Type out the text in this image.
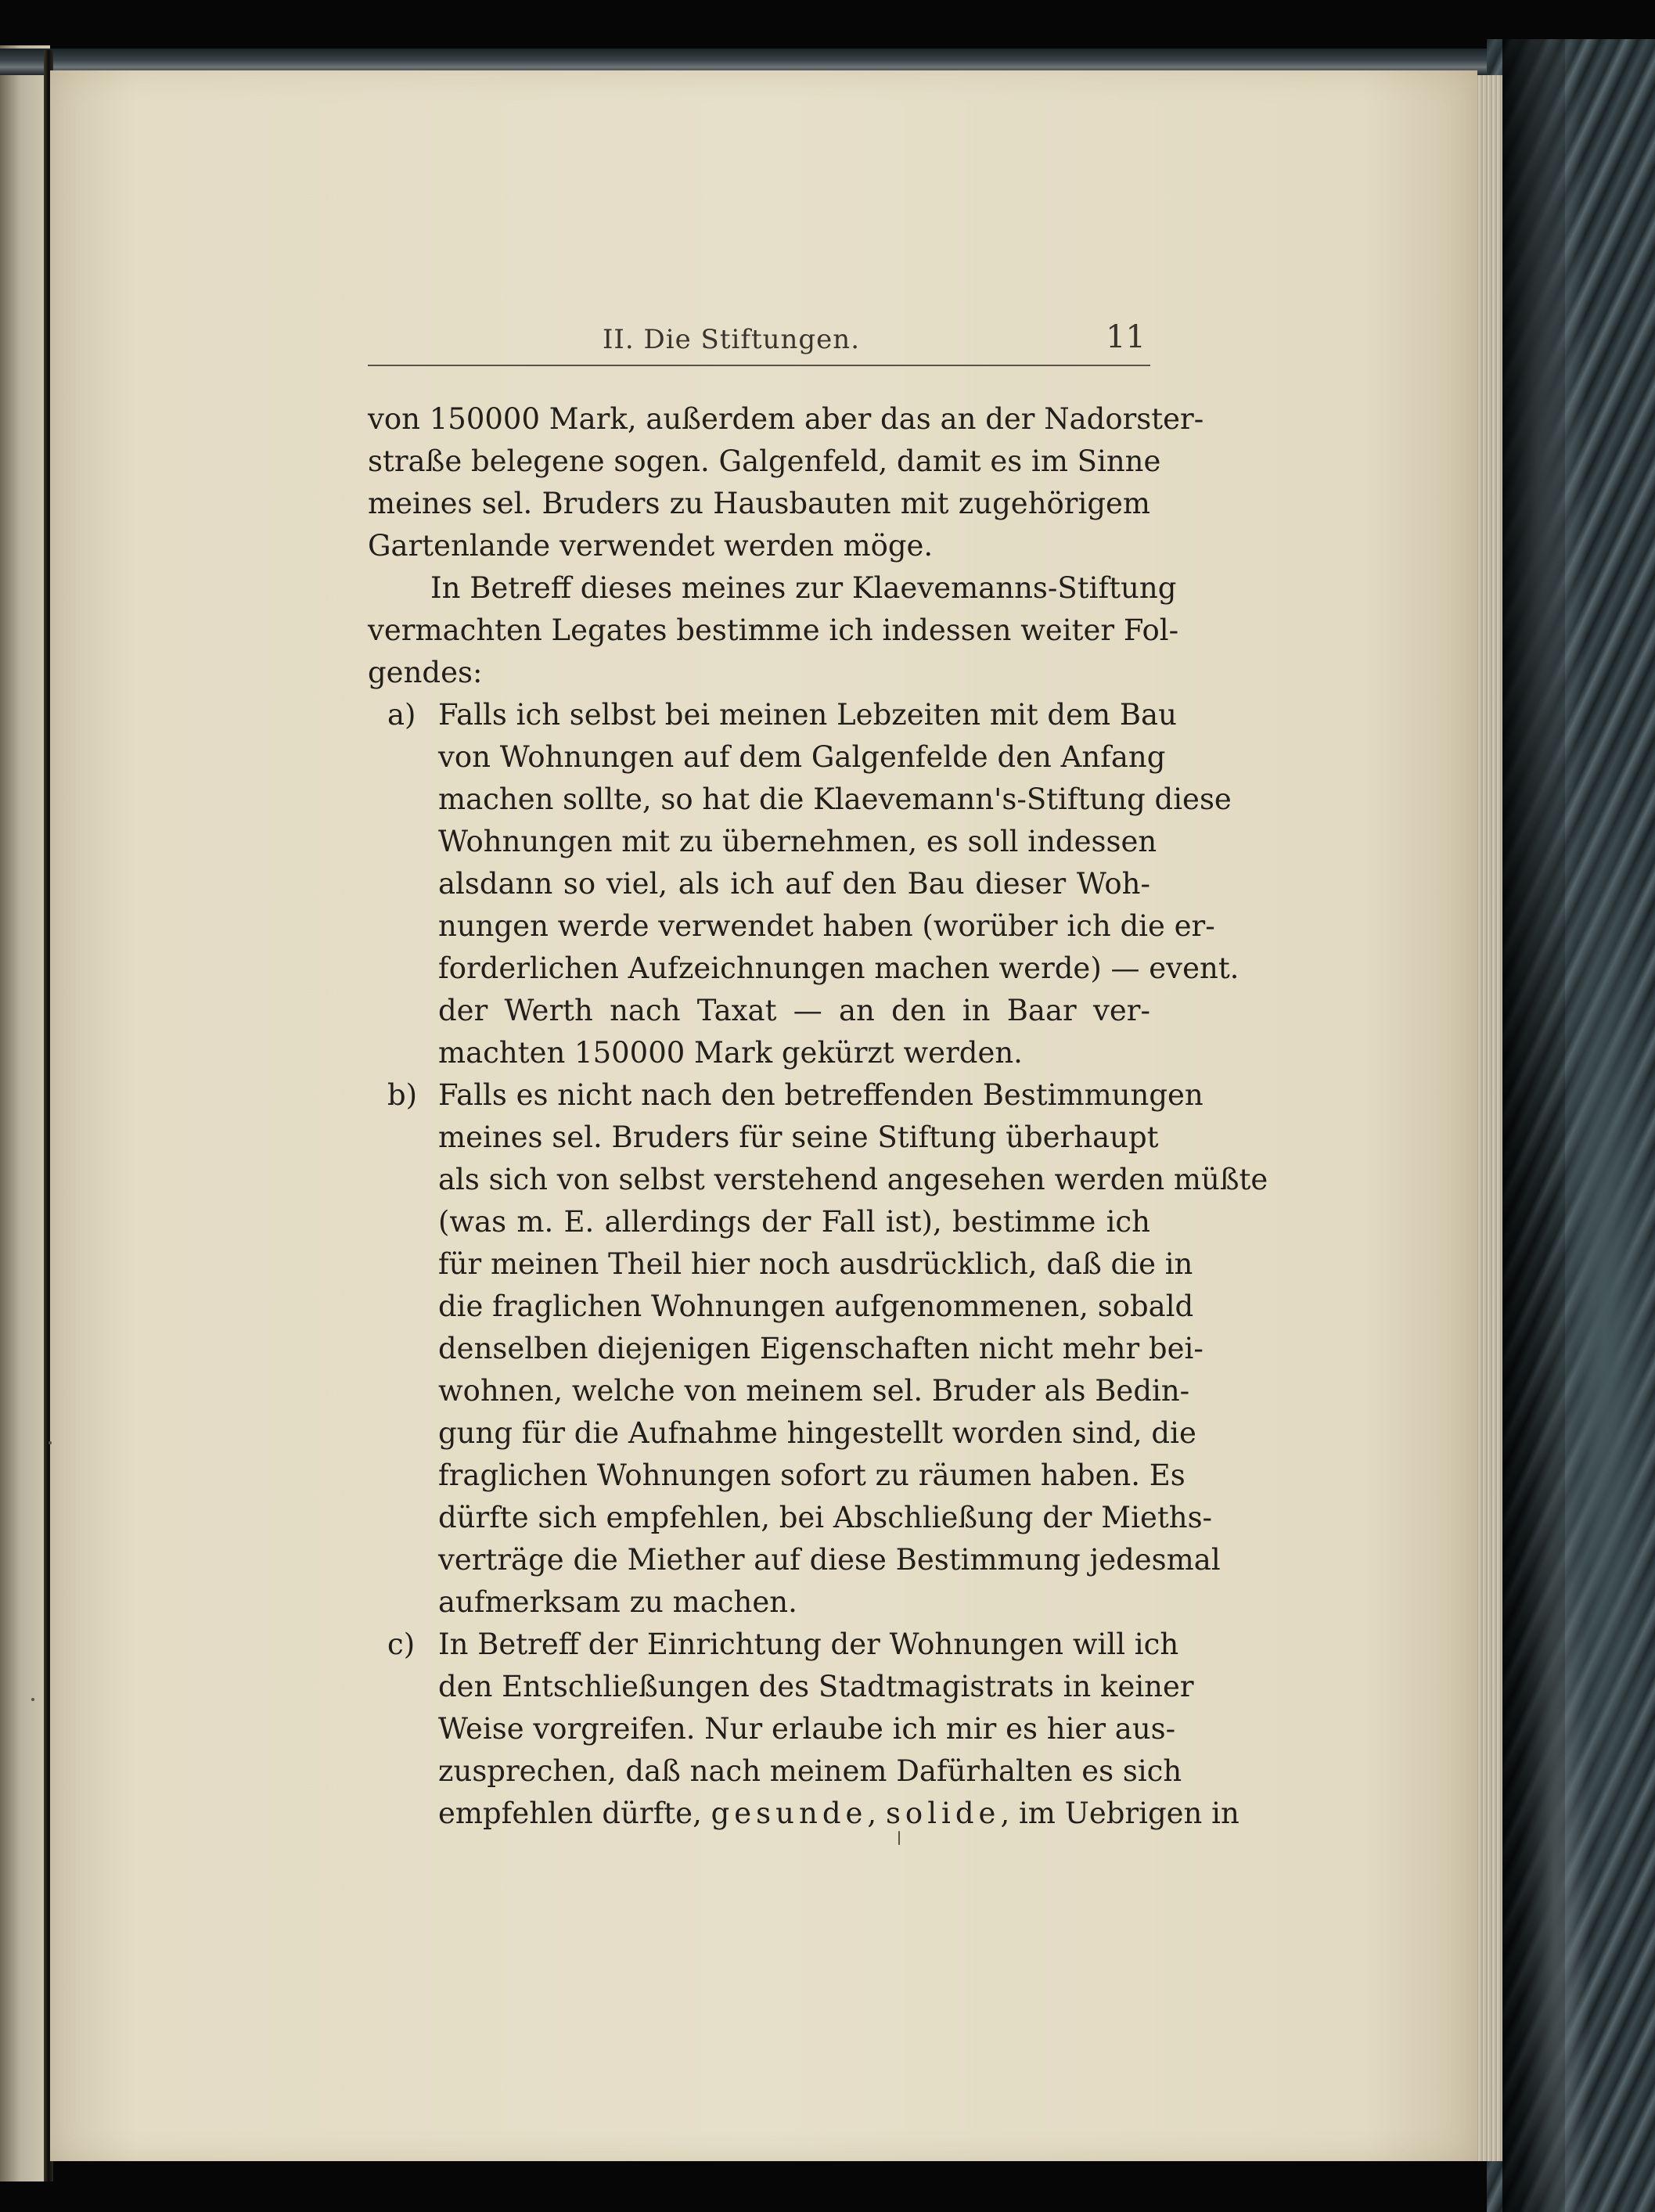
II. Die Stiftungen.	11
von 150000 Mark, außerdem aber das an der Nadorster-
straße belegene sogen. Galgenfeld, damit es im Sinne
meines sel. Bruders zu Hausbauten mit zugehörigem
Gartenlande verwendet werden möge.
In Betreff dieses meines zur Klaevemanns-Stiftung
vermachten Legates bestimme ich indessen weiter Fol-
gendes:
a) Falls ich selbst bei meinen Lebzeiten mit dem Bau
von Wohnungen auf dem Galgenfelde den Anfang
machen sollte, so hat die Klaevemann's-Stiftung diese
Wohnungen mit zu übernehmen, es soll indessen
alsdann so viel, als ich auf den Bau dieser Woh-
nungen werde verwendet haben (worüber ich die er-
forderlichen Aufzeichnungen machen werde) — event.
der Werth nach Taxat — an den in Baar ver-
machten 150000 Mark gekürzt werden.
b) Falls es nicht nach den betreffenden Bestimmungen
meines sel. Bruders für seine Stiftung überhaupt
als sich von selbst verstehend angesehen werden müßte
(was m. E. allerdings der Fall ist), bestimme ich
für meinen Theil hier noch ausdrücklich, daß die in
die fraglichen Wohnungen aufgenommenen, sobald
denselben diejenigen Eigenschaften nicht mehr bei-
wohnen, welche von meinem sel. Bruder als Bedin-
gung für die Aufnahme hingestellt worden sind, die
fraglichen Wohnungen sofort zu räumen haben. Es
dürfte sich empfehlen, bei Abschließung der Mieths-
verträge die Miether auf diese Bestimmung jedesmal
aufmerksam zu machen.
c) In Betreff der Einrichtung der Wohnungen will ich
den Entschließungen des Stadtmagistrats in keiner
Weise vorgreifen. Nur erlaube ich mir es hier aus-
zusprechen, daß nach meinem Dafürhalten es sich
empfehlen dürfte, gesunde, solide, im Uebrigen in
